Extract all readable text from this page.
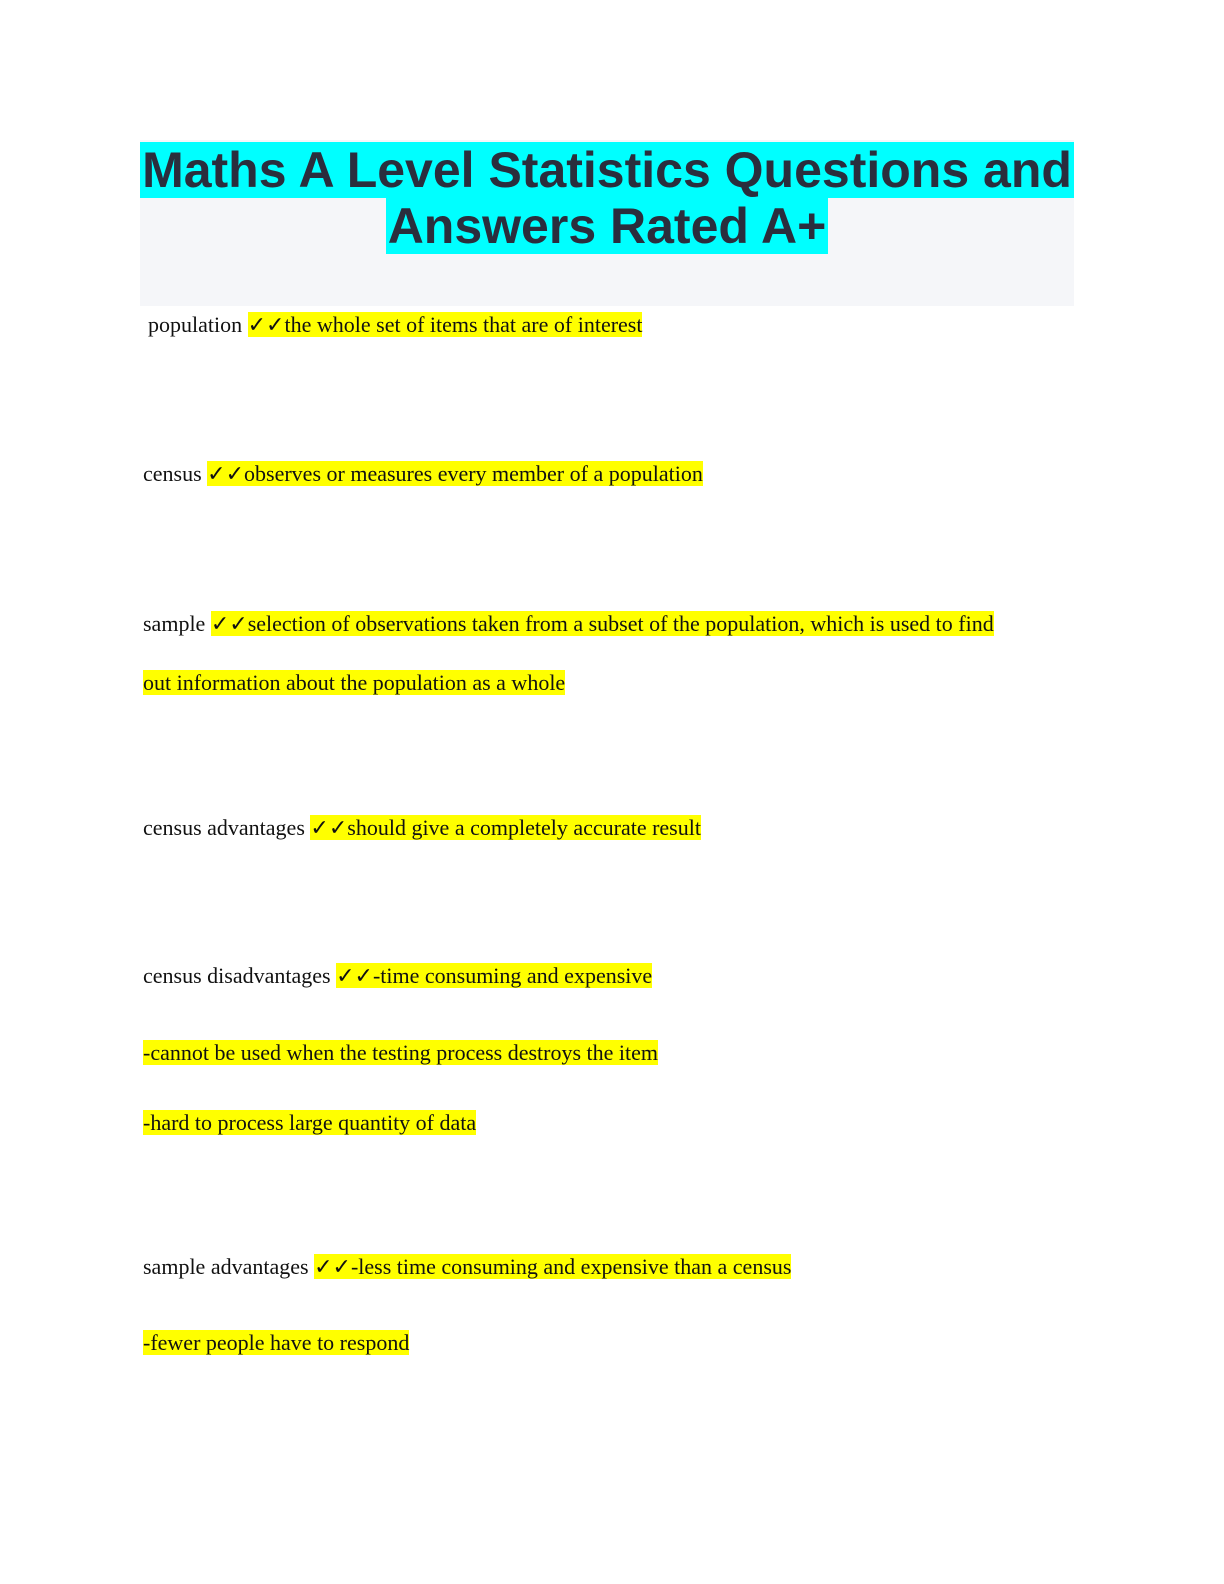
Maths A Level Statistics Questions and
Answers Rated A+
population ✓✓the whole set of items that are of interest
census ✓✓observes or measures every member of a population
sample ✓✓selection of observations taken from a subset of the population, which is used to find
out information about the population as a whole
census advantages ✓✓should give a completely accurate result
census disadvantages ✓✓-time consuming and expensive
-cannot be used when the testing process destroys the item
-hard to process large quantity of data
sample advantages ✓✓-less time consuming and expensive than a census
-fewer people have to respond
